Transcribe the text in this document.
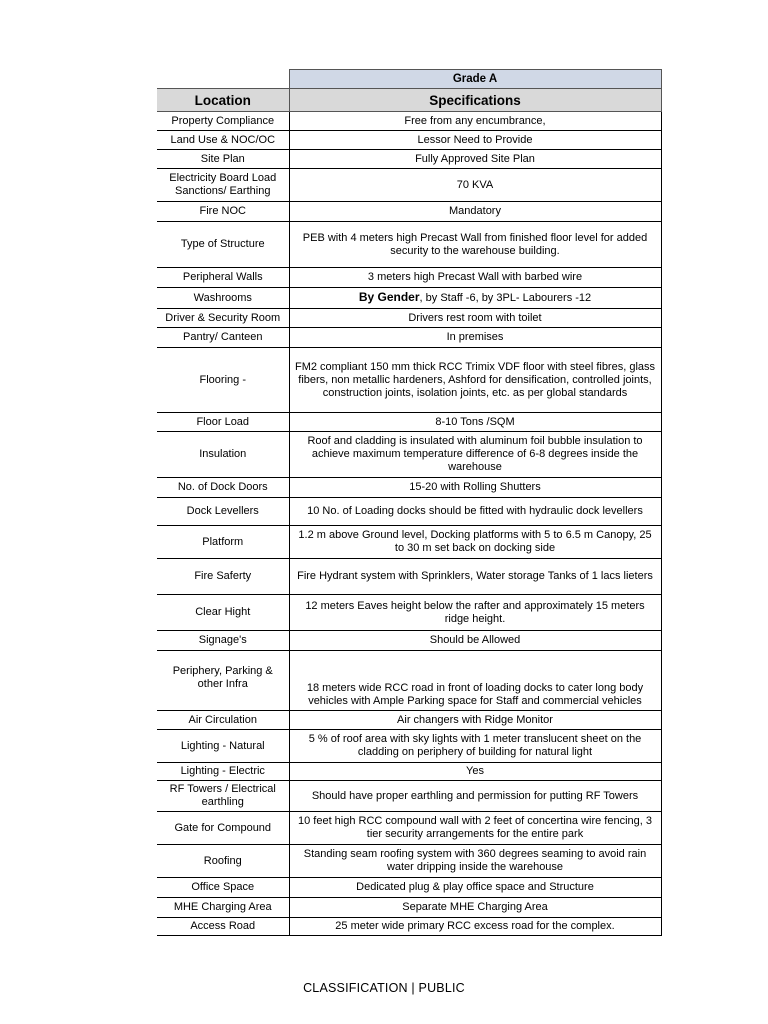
	Grade A
Location	Specifications
Property Compliance	Free from any encumbrance,
Land Use & NOC/OC	Lessor Need to Provide
Site Plan	Fully Approved Site Plan
Electricity Board Load Sanctions/ Earthing	70 KVA
Fire NOC	Mandatory
Type of Structure	PEB with 4 meters high Precast Wall from finished floor level for added security to the warehouse building.
Peripheral Walls	3 meters high Precast Wall with barbed wire
Washrooms	By Gender, by Staff -6, by 3PL- Labourers -12
Driver & Security Room	Drivers rest room with toilet
Pantry/ Canteen	In premises
Flooring -	FM2 compliant 150 mm thick RCC Trimix VDF floor with steel fibres, glass fibers, non metallic hardeners, Ashford for densification, controlled joints, construction joints, isolation joints, etc. as per global standards
Floor Load	8-10 Tons /SQM
Insulation	Roof and cladding is insulated with aluminum foil bubble insulation to achieve maximum temperature difference of 6-8 degrees inside the warehouse
No. of Dock Doors	15-20 with Rolling Shutters
Dock Levellers	10 No. of Loading docks should be fitted with hydraulic dock levellers
Platform	1.2 m above Ground level, Docking platforms with 5 to 6.5 m Canopy, 25 to 30 m set back on docking side
Fire Saferty	Fire Hydrant system with Sprinklers, Water storage Tanks of 1 lacs lieters
Clear Hight	12 meters Eaves height below the rafter and approximately 15 meters ridge height.
Signage's	Should be Allowed
Periphery, Parking & other Infra	18 meters wide RCC road in front of loading docks to cater long body vehicles with Ample Parking space for Staff and commercial vehicles
Air Circulation	Air changers with Ridge Monitor
Lighting - Natural	5 % of roof area with sky lights with 1 meter translucent sheet on the cladding on periphery of building for natural light
Lighting - Electric	Yes
RF Towers / Electrical earthling	Should have proper earthling and permission for putting RF Towers
Gate for Compound	10 feet high RCC compound wall with 2 feet of concertina wire fencing, 3 tier security arrangements for the entire park
Roofing	Standing seam roofing system with 360 degrees seaming to avoid rain water dripping inside the warehouse
Office Space	Dedicated plug & play office space and Structure
MHE Charging Area	Separate MHE Charging Area
Access Road	25 meter wide primary RCC excess road for the complex.
CLASSIFICATION | PUBLIC
